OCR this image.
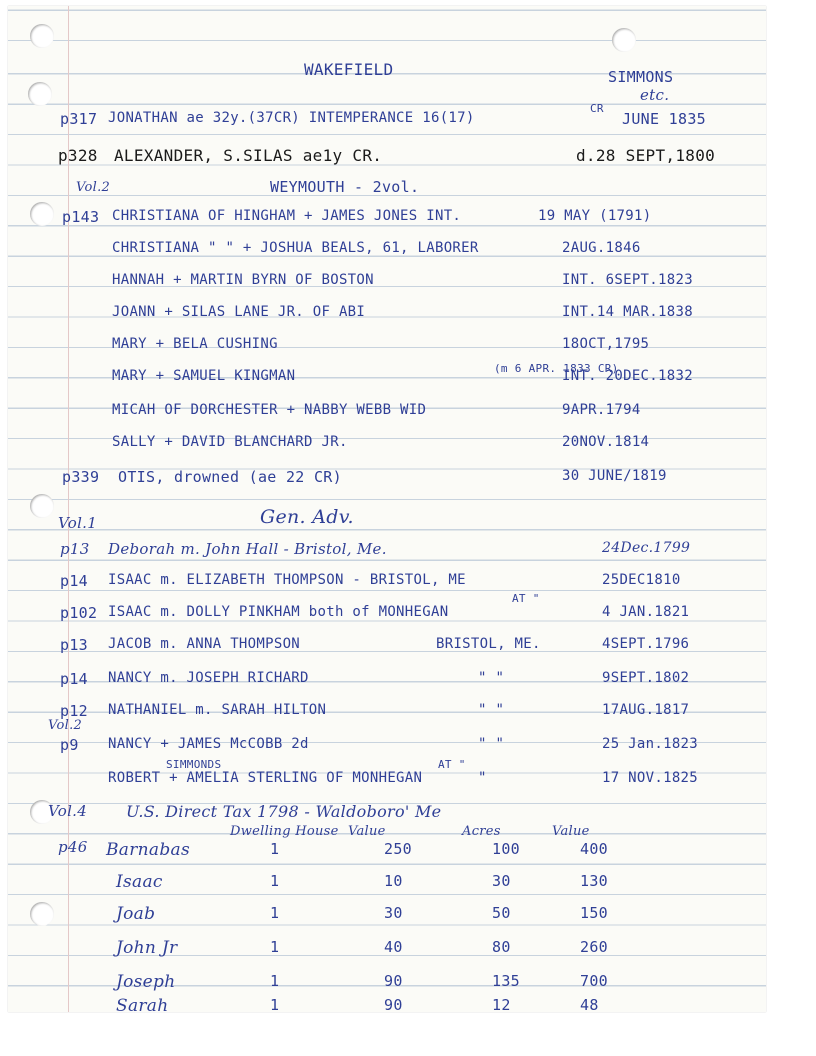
WAKEFIELD	SIMMONS
etc.
p317 JONATHAN ae 32y.(37CR) INTEMPERANCE 16(17)
CR
JUNE 1835
p328 ALEXANDER, S.SILAS ae1y CR.	d.28 SEPT,1800
Vol.2	WEYMOUTH - 2vol.
p143 CHRISTIANA OF HINGHAM + JAMES JONES INT.	19 MAY (1791)
CHRISTIANA " " + JOSHUA BEALS, 61, LABORER	2AUG.1846
HANNAH + MARTIN BYRN OF BOSTON	INT. 6SEPT.1823
JOANN + SILAS LANE JR. OF ABI	INT.14 MAR.1838
MARY + BELA CUSHING	18OCT,1795
MARY + SAMUEL KINGMAN	INT. 20DEC.1832
MICAH OF DORCHESTER + NABBY WEBB WID	9APR.1794
SALLY + DAVID BLANCHARD JR.	20NOV.1814
p339 OTIS, drowned (ae 22 CR)	30 JUNE/1819
(m 6 APR. 1833 CR)
Vol.1	Gen. Adv.
p13 Deborah m. John Hall - Bristol, Me.	24Dec.1799
p14 ISAAC m. ELIZABETH THOMPSON - BRISTOL, ME	25DEC1810
p102 ISAAC m. DOLLY PINKHAM both of MONHEGAN	4 JAN.1821
p13 JACOB m. ANNA THOMPSON	BRISTOL, ME.	4SEPT.1796
p14 NANCY m. JOSEPH RICHARD	" "	9SEPT.1802
p12 NATHANIEL m. SARAH HILTON	" "	17AUG.1817
p9 NANCY + JAMES McCOBB 2d	" "	25 Jan.1823
ROBERT + AMELIA STERLING OF MONHEGAN	"	17 NOV.1825
AT "
AT "
Vol.2
SIMMONDS
Vol.4 U.S. Direct Tax 1798 - Waldoboro' Me
p46
Dwelling House Value	Acres	Value
Barnabas	1	250	100	400
Isaac	1	10	30	130
Joab	1	30	50	150
John Jr	1	40	80	260
Joseph	1	90	135	700
Sarah	1	90	12	48
